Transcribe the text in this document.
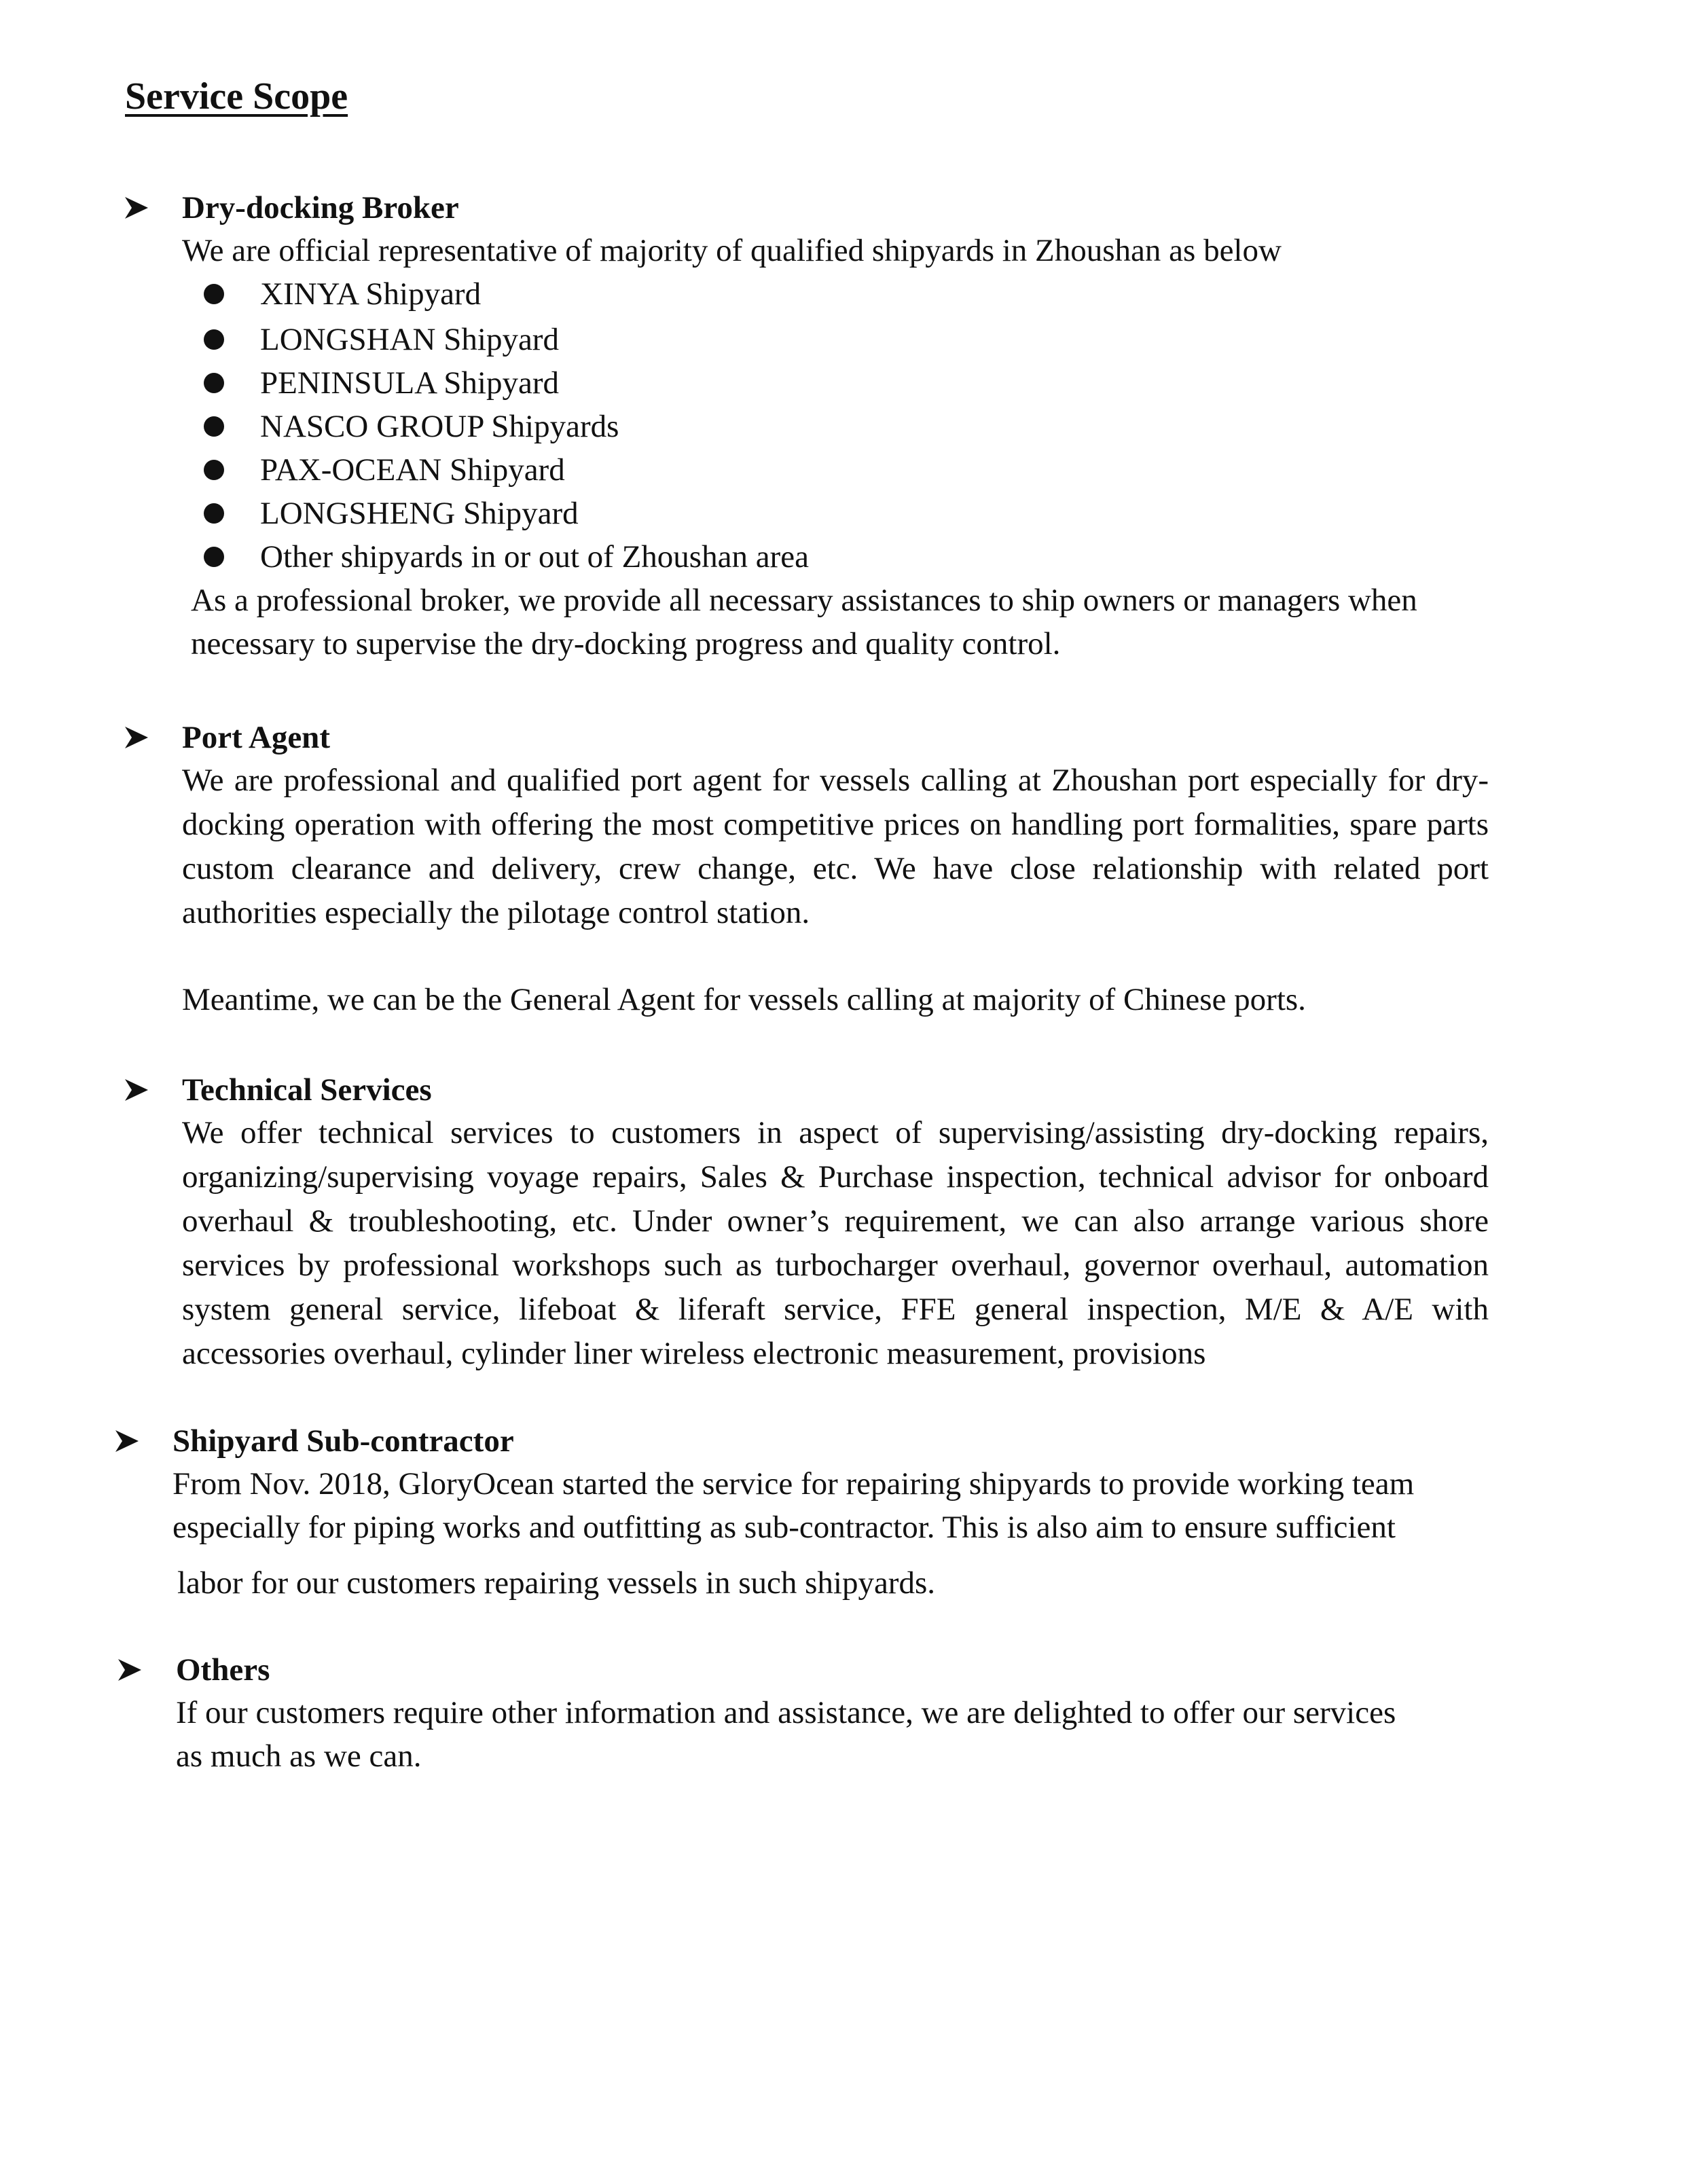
Service Scope
Dry-docking Broker
We are official representative of majority of qualified shipyards in Zhoushan as below
XINYA Shipyard
LONGSHAN Shipyard
PENINSULA Shipyard
NASCO GROUP Shipyards
PAX-OCEAN Shipyard
LONGSHENG Shipyard
Other shipyards in or out of Zhoushan area
As a professional broker, we provide all necessary assistances to ship owners or managers when
necessary to supervise the dry-docking progress and quality control.
Port Agent
We are professional and qualified port agent for vessels calling at Zhoushan port especially for dry-docking operation with offering the most competitive prices on handling port formalities, spare parts custom clearance and delivery, crew change, etc. We have close relationship with related port authorities especially the pilotage control station.
Meantime, we can be the General Agent for vessels calling at majority of Chinese ports.
Technical Services
We offer technical services to customers in aspect of supervising/assisting dry-docking repairs, organizing/supervising voyage repairs, Sales & Purchase inspection, technical advisor for onboard overhaul & troubleshooting, etc. Under owner’s requirement, we can also arrange various shore services by professional workshops such as turbocharger overhaul, governor overhaul, automation system general service, lifeboat & liferaft service, FFE general inspection, M/E & A/E with accessories overhaul, cylinder liner wireless electronic measurement, provisions
Shipyard Sub-contractor
From Nov. 2018, GloryOcean started the service for repairing shipyards to provide working team
especially for piping works and outfitting as sub-contractor. This is also aim to ensure sufficient
labor for our customers repairing vessels in such shipyards.
Others
If our customers require other information and assistance, we are delighted to offer our services
as much as we can.
